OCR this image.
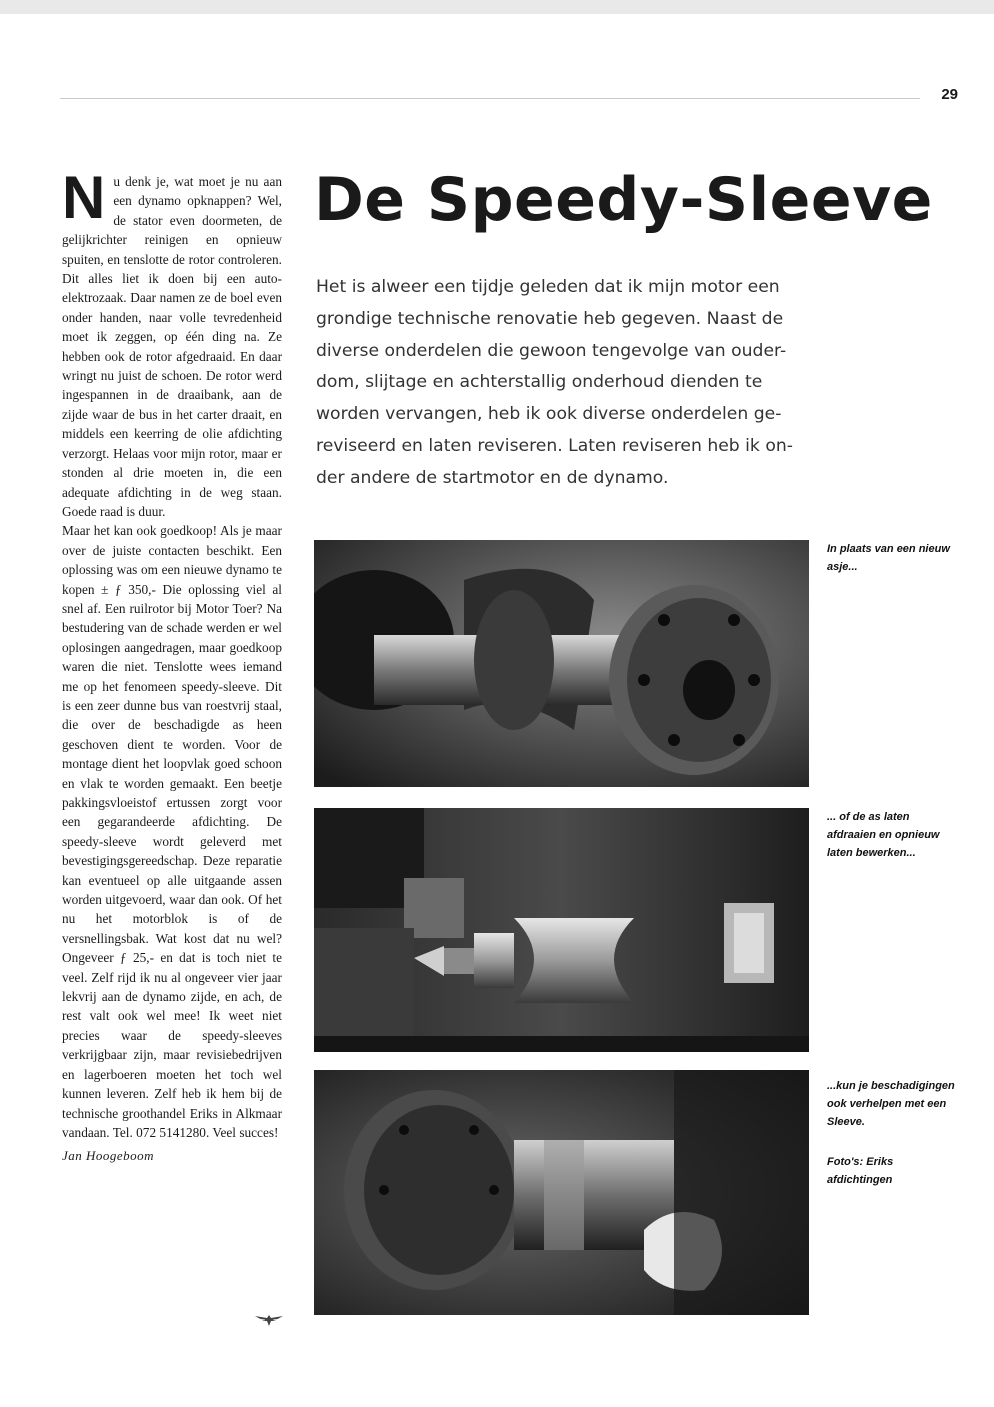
29

Nu denk je, wat moet je nu aan een dynamo opknappen? Wel, de stator even doormeten, de gelijkrichter reinigen en opnieuw spuiten, en tenslotte de rotor controleren. Dit alles liet ik doen bij een auto-elektrozaak. Daar namen ze de boel even onder handen, naar volle tevredenheid moet ik zeggen, op één ding na. Ze hebben ook de rotor afgedraaid. En daar wringt nu juist de schoen. De rotor werd ingespannen in de draaibank, aan de zijde waar de bus in het carter draait, en middels een keerring de olie afdichting verzorgt. Helaas voor mijn rotor, maar er stonden al drie moeten in, die een adequate afdichting in de weg staan. Goede raad is duur.

Maar het kan ook goedkoop! Als je maar over de juiste contacten beschikt. Een oplossing was om een nieuwe dynamo te kopen ± ƒ 350,- Die oplossing viel al snel af. Een ruilrotor bij Motor Toer? Na bestudering van de schade werden er wel oplosingen aangedragen, maar goedkoop waren die niet. Tenslotte wees iemand me op het fenomeen speedy-sleeve. Dit is een zeer dunne bus van roestvrij staal, die over de beschadigde as heen geschoven dient te worden. Voor de montage dient het loopvlak goed schoon en vlak te worden gemaakt. Een beetje pakkingsvloeistof ertussen zorgt voor een gegarandeerde afdichting. De speedy-sleeve wordt geleverd met bevestigingsgereedschap. Deze reparatie kan eventueel op alle uitgaande assen worden uitgevoerd, waar dan ook. Of het nu het motorblok is of de versnellingsbak. Wat kost dat nu wel? Ongeveer ƒ 25,- en dat is toch niet te veel. Zelf rijd ik nu al ongeveer vier jaar lekvrij aan de dynamo zijde, en ach, de rest valt ook wel mee! Ik weet niet precies waar de speedy-sleeves verkrijgbaar zijn, maar revisiebedrijven en lagerboeren moeten het toch wel kunnen leveren. Zelf heb ik hem bij de technische groothandel Eriks in Alkmaar vandaan. Tel. 072 5141280. Veel succes!

Jan Hoogeboom
De Speedy-Sleeve

Het is alweer een tijdje geleden dat ik mijn motor een grondige technische renovatie heb gegeven. Naast de diverse onderdelen die gewoon tengevolge van ouder-dom, slijtage en achterstallig onderhoud dienden te worden vervangen, heb ik ook diverse onderdelen ge-reviseerd en laten reviseren. Laten reviseren heb ik on-der andere de startmotor en de dynamo.

In plaats van een nieuw asje...
... of de as laten afdraaien en opnieuw laten bewerken...
...kun je beschadigingen ook verhelpen met een Sleeve.
Foto's: Eriks afdichtingen
